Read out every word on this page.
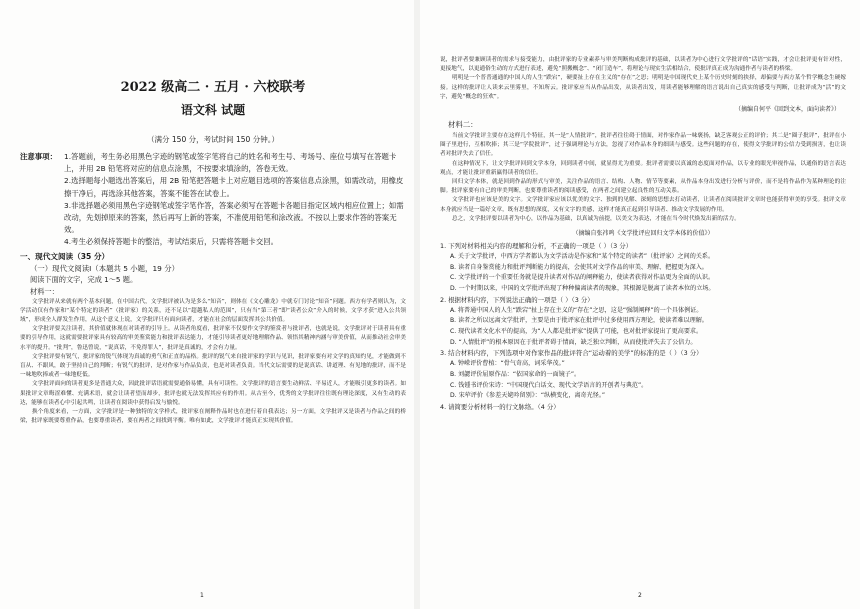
2022 级高二 · 五月 · 六校联考
语文科 试题
（满分 150 分，考试时间 150 分钟。）
注意事项： 1.答题前，考生务必用黑色字迹的钢笔或签字笔将自己的姓名和考生号、考场号、座位号填写在答题卡上，并用 2B 铅笔将对应的信息点涂黑，不按要求填涂的，答卷无效。
2.选择题每小题选出答案后，用 2B 铅笔把答题卡上对应题目选项的答案信息点涂黑，如需改动，用橡皮擦干净后，再选涂其他答案，答案不能答在试卷上。
3.非选择题必须用黑色字迹钢笔或签字笔作答，答案必须写在答题卡各题目指定区域内相应位置上；如需改动，先划掉原来的答案，然后再写上新的答案，不准使用铅笔和涂改液。不按以上要求作答的答案无效。
4.考生必须保持答题卡的整洁，考试结束后，只需将答题卡交回。
一、现代文阅读（35 分）
（一）现代文阅读Ⅰ（本题共 5 小题，19 分）
阅读下面的文字，完成 1～5 题。
材料一：

文学批评从来就有两个基本问题，在中国古代，文学批评被认为是多么“知音”，则体在《文心雕龙》中就专门讨论“知音”问题。西方有学者则认为，文学活动仅有作家和“某个特定的读者”（批评家）的关系，还不足以“超越私人的范围”，只有当“第三者”即“读者公众”介入的时候，文学才获“进入公共领域”，形成全人群发生作用，从这个意义上说，文学批评只有面向读者，才能在社会的层面发挥其公共价值。

文学批评要关注读者，其价值就体现在对读者的引导上。从读者角度看，批评家不仅要作文学的鉴赏者与批评者，也就是说，文学批评对于读者具有重要的引导作用，这就需要批评家具有较高的审美鉴赏能力和批评表达能力，才能引导读者更好地理解作品、领悟其精神内涵与审美价值，从而推动社会审美水平的提升。“批判”，鲁迅曾说，“说真话，不免得罪人”，批评是真诚的，才会有力量。

文学批评要有锐气，批评家的锐气体现为真诚的勇气和正直的品格。批评的锐气来自批评家的学识与见识，批评家要有对文学的真知灼见，才能做到不盲从、不跟风，敢于坚持自己的判断；有锐气的批评，是对作家与作品负责，也是对读者负责。当代文坛需要的是说真话、讲道理、有见地的批评，而不是一味地吹捧或者一味地贬低。

文学批评面向的读者更多是普通大众，因此批评话语就需要通俗易懂，具有可读性。文学批评的语言要生动鲜活、平易近人，才能吸引更多的读者。如果批评文章晦涩难懂、充满术语，就会让读者望而却步，批评也就无法发挥其应有的作用。从古至今，优秀的文学批评往往既有理论深度，又有生动的表达，能够在读者心中引起共鸣，让读者在阅读中获得启发与愉悦。

换个角度来看，一方面，文学批评是一种独特的文学样式，批评家在阐释作品时也在进行着自我表达；另一方面，文学批评又是读者与作品之间的桥梁，批评家既要尊重作品，也要尊重读者，要在两者之间找到平衡。唯有如此，文学批评才能真正实现其价值。

1

说，批评者要兼顾读者的需求与接受能力，由批评家的专业素养与审美判断构成批评的基础，以读者为中心进行文学批评的“话语”实践，才会让批评更有针对性，更接地气，以更通俗生动的方式进行表述，避免“照搬概念”、“闭门造车”，将理论与现实生活相结合，使批评真正成为沟通作者与读者的桥梁。

明明是一个普普通通的中国人的人生“跌宕”，硬要扯上存在主义的“存在”之思；明明是中国现代史上某个历史时刻的抉择，却偏要与西方某个哲学概念生硬嫁接。这样的批评让人读来云里雾里，不知所云。批评家应当从作品出发，从读者出发，用读者能够理解的语言说出自己真实的感受与判断，让批评成为“活”的文字，避免“概念的狂欢”。

（摘编自何平《回到文本，面向读者》）
材料二：

当前文学批评主要存在这样几个特征，其一是“人情批评”，批评者往往碍于情面，对作家作品一味褒扬，缺乏客观公正的评价；其二是“圈子批评”，批评在小圈子里进行，互相吹捧；其三是“学院批评”，过于强调理论与方法，忽视了对作品本身的细读与感受。这些问题的存在，使得文学批评的公信力受到损害，也让读者对批评失去了信任。

在这种情况下，让文学批评回到文学本身，回到读者中间，就显得尤为重要。批评者需要以真诚的态度面对作品，以专业的眼光审视作品，以通俗的语言表达观点，才能让批评重新赢得读者的信任。

回归文学本体，就是回到作品的形式与审美，关注作品的语言、结构、人物、情节等要素，从作品本身出发进行分析与评价，而不是将作品作为某种理论的注脚。批评家要有自己的审美判断，也要尊重读者的阅读感受，在两者之间建立起良性的互动关系。

文学批评也应该是美的文字。文学批评家应该以优美的文字、独到的见解、深刻的思想去打动读者，让读者在阅读批评文章时也能获得审美的享受。批评文章本身就应当是一篇好文章，既有思想的深度，又有文字的美感，这样才能真正起到引导读者、推动文学发展的作用。

总之，文学批评要以读者为中心，以作品为基础，以真诚为前提，以美文为表达，才能在当今时代焕发出新的活力。

（摘编自张祎鸣《文学批评应回归文学本体的价值》）

1. 下列对材料相关内容的理解和分析，不正确的一项是（ ）（3 分）

A. 关于文学批评，中西方学者都认为文学活动是作家和“某个特定的读者”（批评家）之间的关系。

B. 读者自身鉴赏能力和批评判断能力的提高，会使其对文学作品的审美、理解、把握更为深入。

C. 文学批评的一个重要任务就是提升读者对作品的阐释能力，使读者获得对作品更为全面的认识。

D. 一个时期以来，中国的文学批评出现了种种偏离读者的现象，其根源是脱离了读者本位的立场。

2. 根据材料内容，下列说法正确的一项是（ ）（3 分）

A. 将普通中国人的人生“跌宕”扯上存在主义的“存在”之思，这是“强制阐释”的一个具体例证。

B. 读者之所以远离文学批评，主要是由于批评家在批评中过多使用西方理论，使读者难以理解。

C. 现代读者文化水平的提高，为“人人都是批评家”提供了可能，也对批评家提出了更高要求。

D. “人情批评”的根本原因在于批评者碍于情面，缺乏独立判断，从而使批评失去了公信力。

3. 结合材料内容，下列选项中对作家作品的批评符合“运动着的美学”的标准的是（ ）（3 分）

A. 钟嵘评价曹植：“骨气奇高，词采华茂。”

B. 刘勰评价屈原作品：“依国家命的一面镜子”。

C. 钱锺书评价宋诗：“中国现代白话文、现代文学语言的开创者与典范”。

D. 宋荦评价《参差天姥吟留别》：“纵横变化，离奇光怪。”

4. 请简要分析材料一的行文脉络。（4 分）

2
